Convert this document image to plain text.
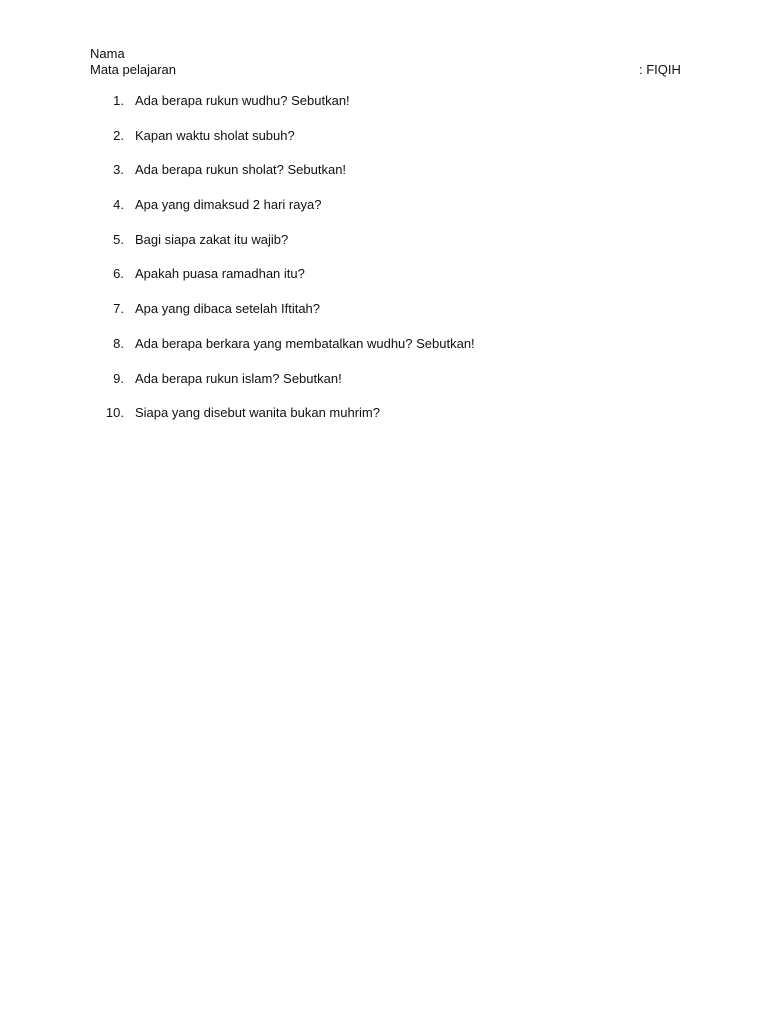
Nama
Mata pelajaran	: FIQIH
1. Ada berapa rukun wudhu? Sebutkan!
2. Kapan waktu sholat subuh?
3. Ada berapa rukun sholat? Sebutkan!
4. Apa yang dimaksud 2 hari raya?
5. Bagi siapa zakat itu wajib?
6. Apakah puasa ramadhan itu?
7. Apa yang dibaca setelah Iftitah?
8. Ada berapa berkara yang membatalkan wudhu? Sebutkan!
9. Ada berapa rukun islam? Sebutkan!
10. Siapa yang disebut wanita bukan muhrim?
